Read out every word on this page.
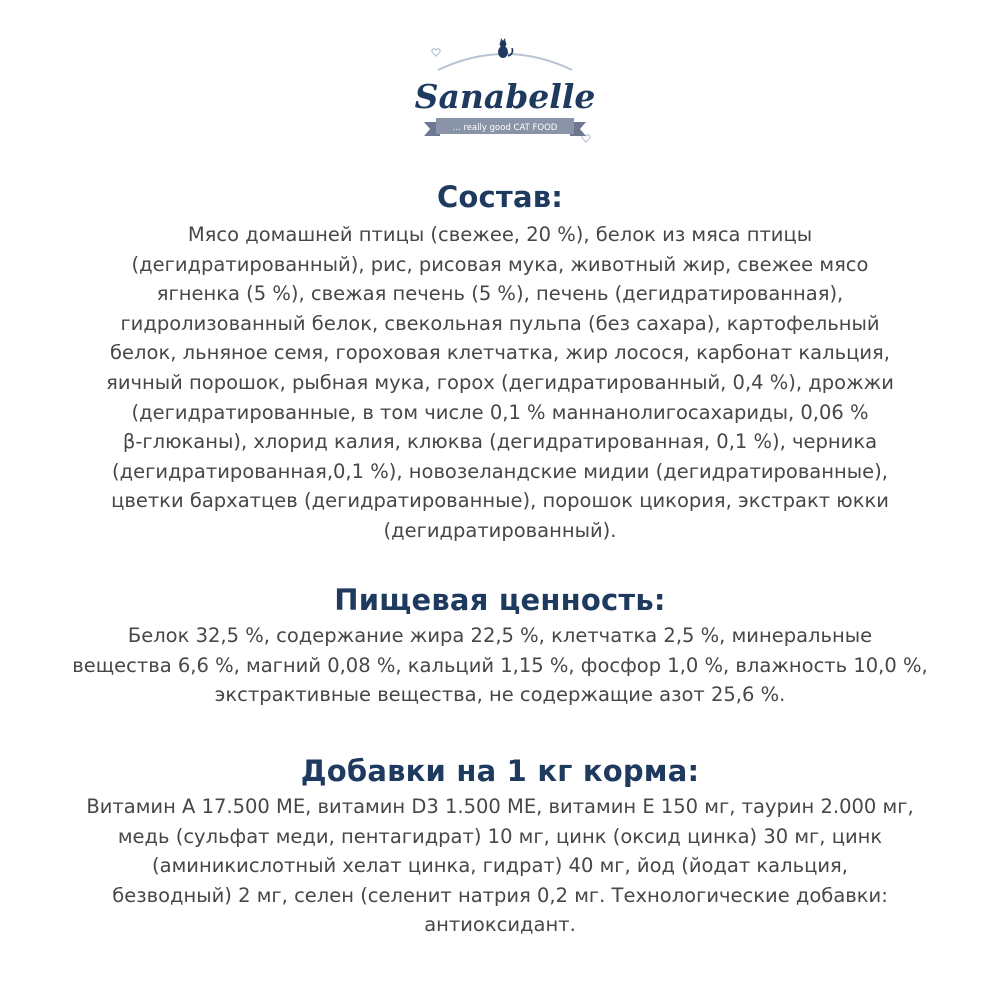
Sanabelle
... really good CAT FOOD
Состав:

Мясо домашней птицы (свежее, 20 %), белок из мяса птицы
(дегидратированный), рис, рисовая мука, животный жир, свежее мясо
ягненка (5 %), свежая печень (5 %), печень (дегидратированная),
гидролизованный белок, свекольная пульпа (без сахара), картофельный
белок, льняное семя, гороховая клетчатка, жир лосося, карбонат кальция,
яичный порошок, рыбная мука, горох (дегидратированный, 0,4 %), дрожжи
(дегидратированные, в том числе 0,1 % маннанолигосахариды, 0,06 %
β-глюканы), хлорид калия, клюква (дегидратированная, 0,1 %), черника
(дегидратированная,0,1 %), новозеландские мидии (дегидратированные),
цветки бархатцев (дегидратированные), порошок цикория, экстракт юкки
(дегидратированный).

Пищевая ценность:

Белок 32,5 %, содержание жира 22,5 %, клетчатка 2,5 %, минеральные
вещества 6,6 %, магний 0,08 %, кальций 1,15 %, фосфор 1,0 %, влажность 10,0 %,
экстрактивные вещества, не содержащие азот 25,6 %.

Добавки на 1 кг корма:

Витамин А 17.500 МЕ, витамин D3 1.500 МЕ, витамин Е 150 мг, таурин 2.000 мг,
медь (сульфат меди, пентагидрат) 10 мг, цинк (оксид цинка) 30 мг, цинк
(аминикислотный хелат цинка, гидрат) 40 мг, йод (йодат кальция,
безводный) 2 мг, селен (селенит натрия 0,2 мг. Технологические добавки:
антиоксидант.
